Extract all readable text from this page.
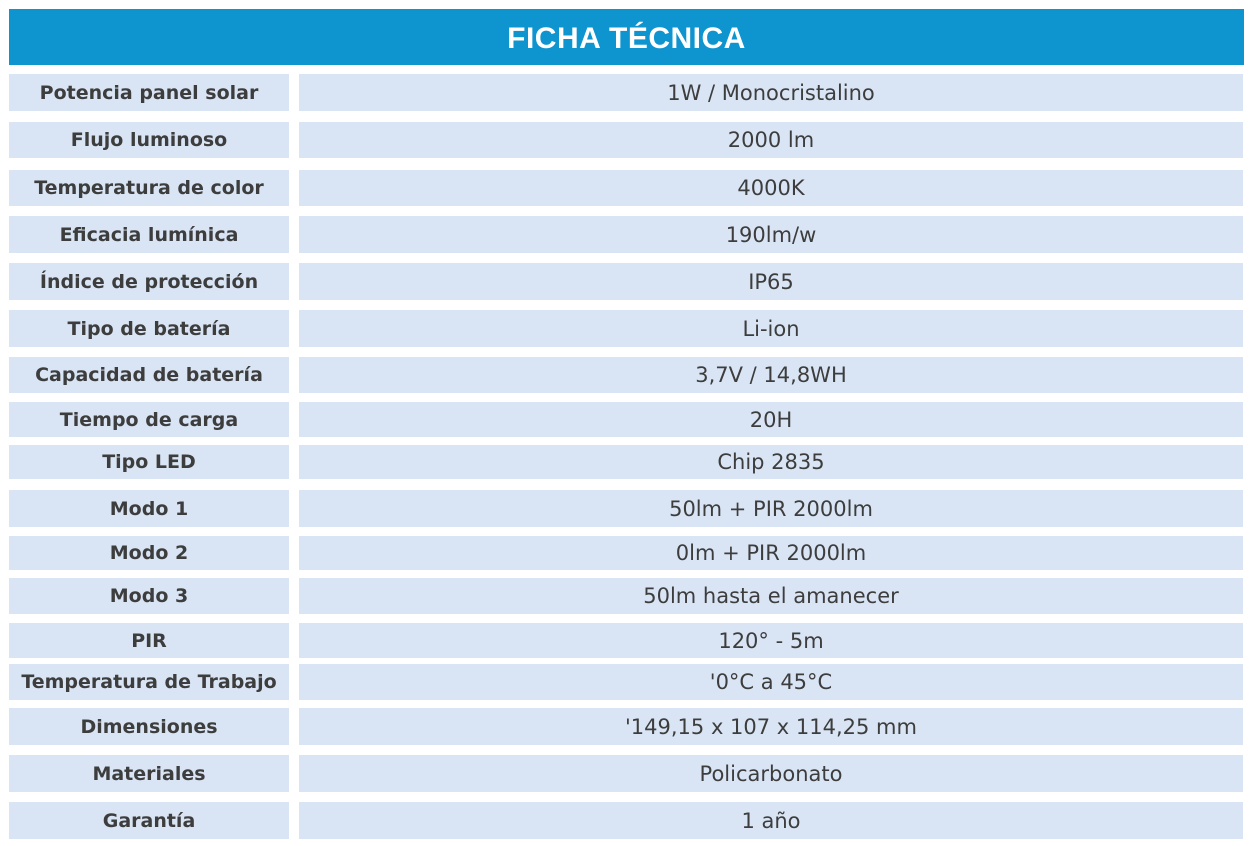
FICHA TÉCNICA
Potencia panel solar	1W / Monocristalino
Flujo luminoso	2000 lm
Temperatura de color	4000K
Eficacia lumínica	190lm/w
Índice de protección	IP65
Tipo de batería	Li-ion
Capacidad de batería	3,7V / 14,8WH
Tiempo de carga	20H
Tipo LED	Chip 2835
Modo 1	50lm + PIR 2000lm
Modo 2	0lm + PIR 2000lm
Modo 3	50lm hasta el amanecer
PIR	120° - 5m
Temperatura de Trabajo	'0°C a 45°C
Dimensiones	'149,15 x 107 x 114,25 mm
Materiales	Policarbonato
Garantía	1 año
